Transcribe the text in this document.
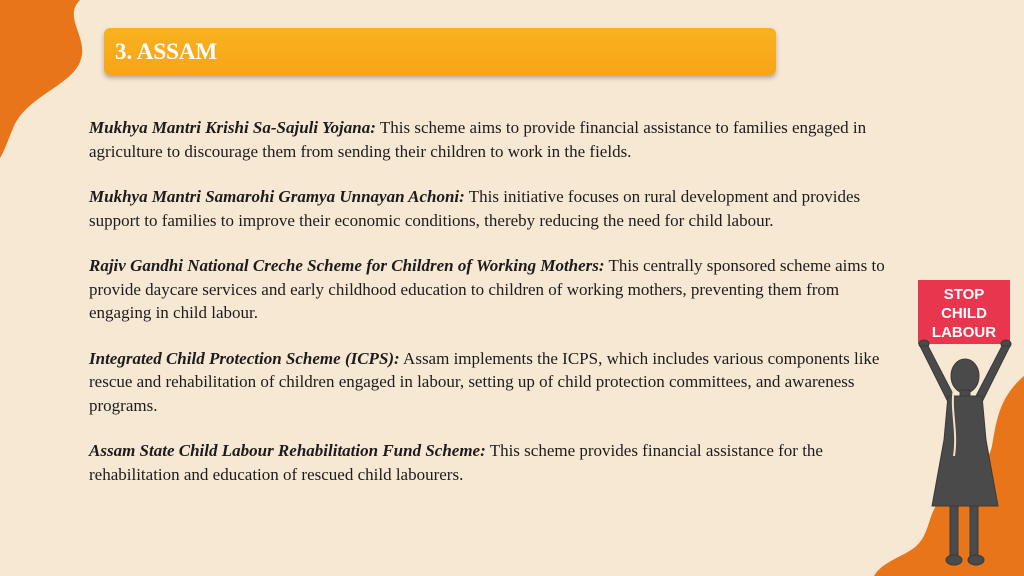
3. ASSAM

Mukhya Mantri Krishi Sa-Sajuli Yojana: This scheme aims to provide financial assistance to families engaged in agriculture to discourage them from sending their children to work in the fields.

Mukhya Mantri Samarohi Gramya Unnayan Achoni: This initiative focuses on rural development and provides support to families to improve their economic conditions, thereby reducing the need for child labour.

Rajiv Gandhi National Creche Scheme for Children of Working Mothers: This centrally sponsored scheme aims to provide daycare services and early childhood education to children of working mothers, preventing them from engaging in child labour.

Integrated Child Protection Scheme (ICPS): Assam implements the ICPS, which includes various components like rescue and rehabilitation of children engaged in labour, setting up of child protection committees, and awareness programs.

Assam State Child Labour Rehabilitation Fund Scheme: This scheme provides financial assistance for the rehabilitation and education of rescued child labourers.

STOP
CHILD
LABOUR
